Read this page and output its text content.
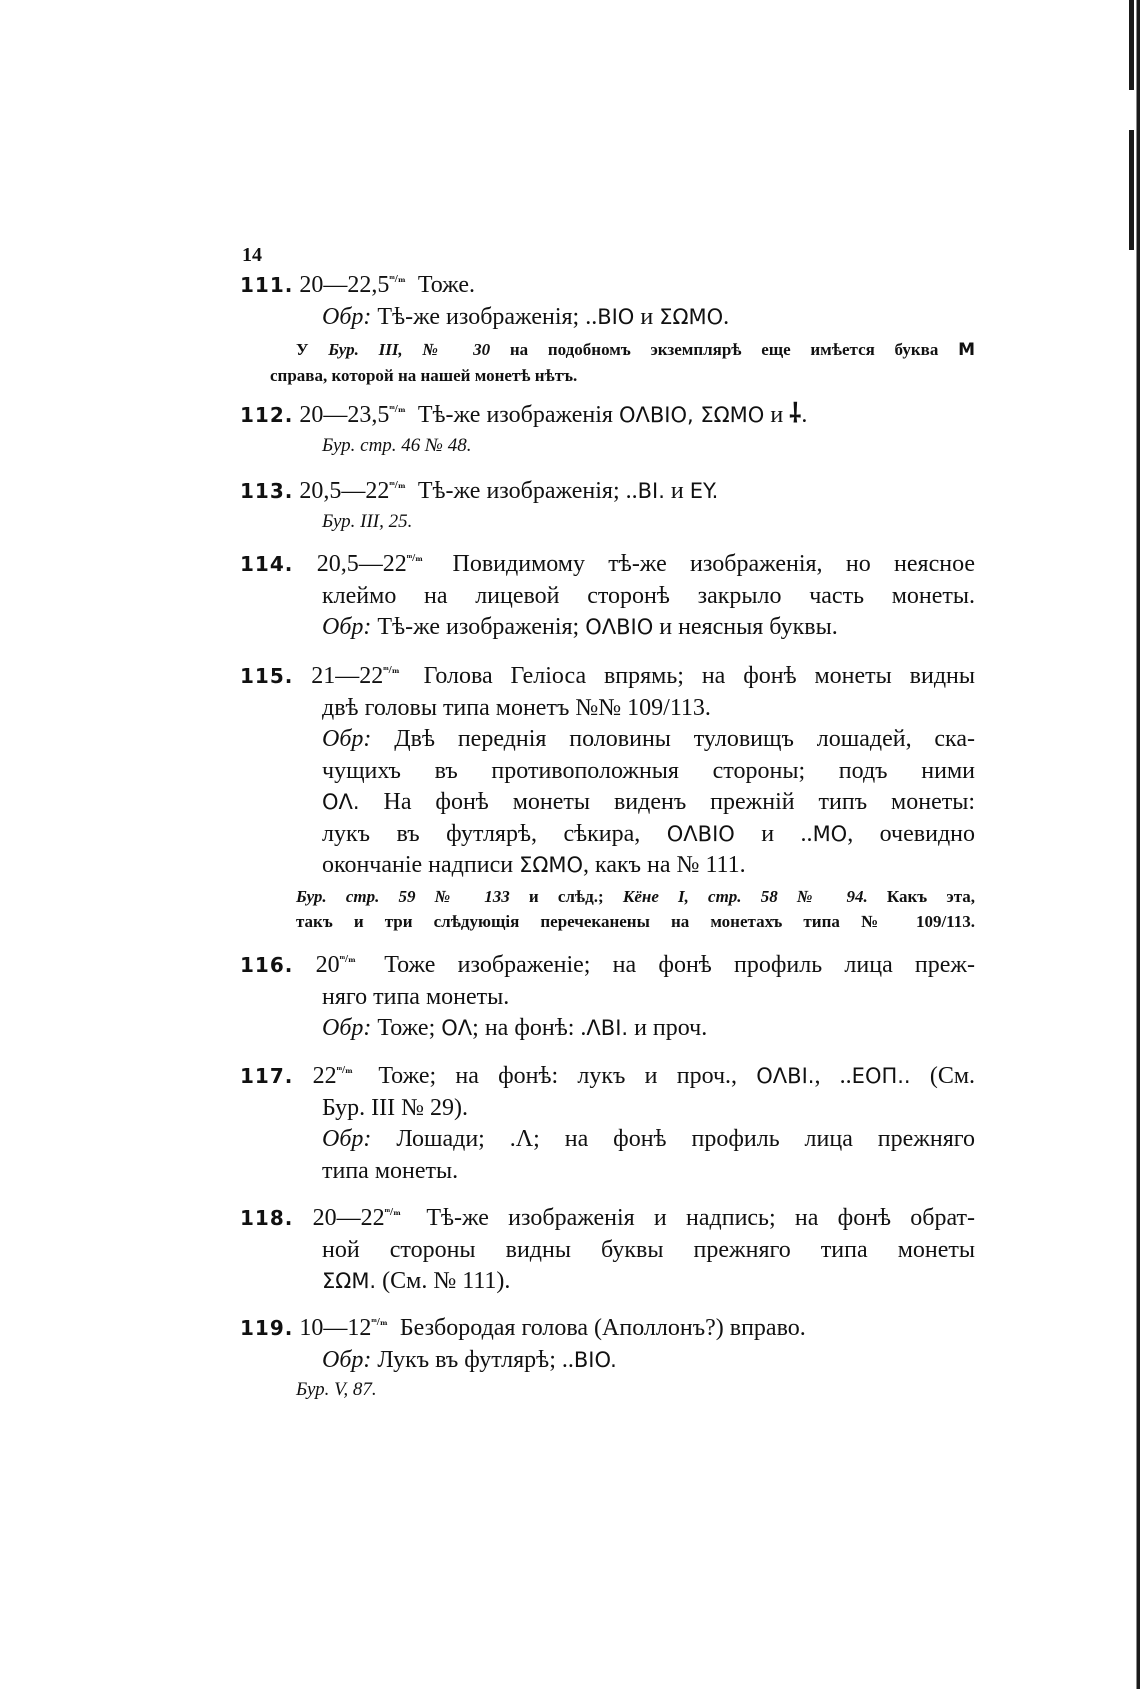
14
111. $20—22,5^{ᵐ/_m}$ Тоже.
Обр: Тѣ-же изображенія; ..BIO и ΣΩΜΟ.
У Бур. III, № 30 на подобномъ экземплярѣ еще имѣется буква М
справа, которой на нашей монетѣ нѣтъ.
112. $20—23,5^{ᵐ/_m}$ Тѣ-же изображенія ΟΛΒΙΟ, ΣΩΜΟ и ⸸.
Бур. стр. 46 № 48.
113. $20,5—22^{ᵐ/_m}$ Тѣ-же изображенія; ..BI. и EY.
Бур. III, 25.
114. $20,5—22^{ᵐ/_m}$ Повидимому тѣ-же изображенія, но неясное
клеймо на лицевой сторонѣ закрыло часть монеты.
Обр: Тѣ-же изображенія; ΟΛΒΙΟ и неясныя буквы.
115. $21—22^{ᵐ/_m}$ Голова Геліоса впрямь; на фонѣ монеты видны
двѣ головы типа монетъ №№ 109/113.
Обр: Двѣ переднія половины туловищъ лошадей, ска-
чущихъ въ противоположныя стороны; подъ ними
ΟΛ. На фонѣ монеты виденъ прежній типъ монеты:
лукъ въ футлярѣ, сѣкира, ΟΛΒΙΟ и ..ΜΟ, очевидно
окончаніе надписи ΣΩΜΟ, какъ на № 111.
Бур. стр. 59 № 133 и слѣд.; Кёне I, стр. 58 № 94. Какъ эта,
такъ и три слѣдующія перечеканены на монетахъ типа № 109/113.
116. $20^{ᵐ/_m}$ Тоже изображеніе; на фонѣ профиль лица преж-
няго типа монеты.
Обр: Тоже; ΟΛ; на фонѣ: .ΛBI. и проч.
117. $22^{ᵐ/_m}$ Тоже; на фонѣ: лукъ и проч., ΟΛΒΙ., ..ΕΟΠ.. (См.
Бур. III № 29).
Обр: Лошади; .Λ; на фонѣ профиль лица прежняго
типа монеты.
118. $20—22^{ᵐ/_m}$ Тѣ-же изображенія и надпись; на фонѣ обрат-
ной стороны видны буквы прежняго типа монеты
ΣΩΜ. (См. № 111).
119. $10—12^{ᵐ/_m}$ Безбородая голова (Аполлонъ?) вправо.
Обр: Лукъ въ футлярѣ; ..BIO.
Бур. V, 87.
